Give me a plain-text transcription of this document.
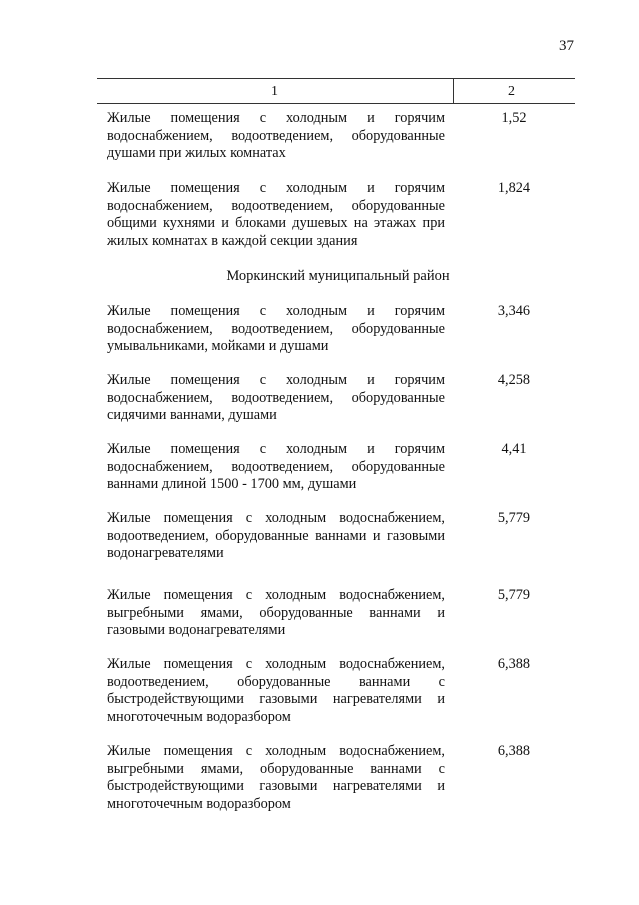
37
1	2
Жилые помещения с холодным и горячим водоснабжением, водоотведением, оборудованные душами при жилых комнатах
1,52
Жилые помещения с холодным и горячим водоснабжением, водоотведением, оборудованные общими кухнями и блоками душевых на этажах при жилых комнатах в каждой секции здания
1,824
Моркинский муниципальный район
Жилые помещения с холодным и горячим водоснабжением, водоотведением, оборудованные умывальниками, мойками и душами
3,346
Жилые помещения с холодным и горячим водоснабжением, водоотведением, оборудованные сидячими ваннами, душами
4,258
Жилые помещения с холодным и горячим водоснабжением, водоотведением, оборудованные ваннами длиной 1500 - 1700 мм, душами
4,41
Жилые помещения с холодным водоснабжением, водоотведением, оборудованные ваннами и газовыми водонагревателями
5,779
Жилые помещения с холодным водоснабжением, выгребными ямами, оборудованные ваннами и газовыми водонагревателями
5,779
Жилые помещения с холодным водоснабжением, водоотведением, оборудованные ваннами с быстродействующими газовыми нагревателями и многоточечным водоразбором
6,388
Жилые помещения с холодным водоснабжением, выгребными ямами, оборудованные ваннами с быстродействующими газовыми нагревателями и многоточечным водоразбором
6,388
